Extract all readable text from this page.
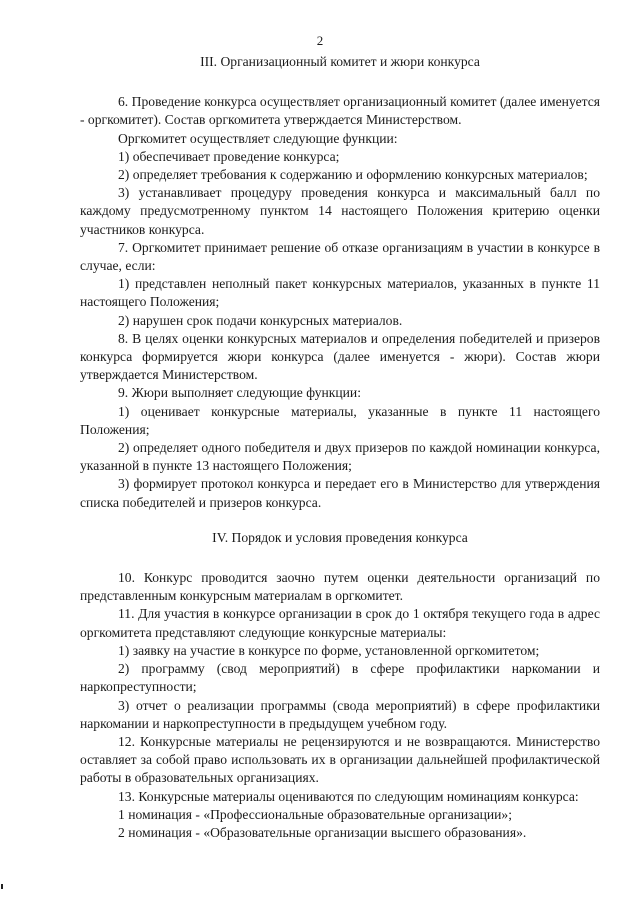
2

III. Организационный комитет и жюри конкурса

6. Проведение конкурса осуществляет организационный комитет (далее именуется - оргкомитет). Состав оргкомитета утверждается Министерством.

Оргкомитет осуществляет следующие функции:

1) обеспечивает проведение конкурса;

2) определяет требования к содержанию и оформлению конкурсных материалов;

3) устанавливает процедуру проведения конкурса и максимальный балл по каждому предусмотренному пунктом 14 настоящего Положения критерию оценки участников конкурса.

7. Оргкомитет принимает решение об отказе организациям в участии в конкурсе в случае, если:

1) представлен неполный пакет конкурсных материалов, указанных в пункте 11 настоящего Положения;

2) нарушен срок подачи конкурсных материалов.

8. В целях оценки конкурсных материалов и определения победителей и призеров конкурса формируется жюри конкурса (далее именуется - жюри). Состав жюри утверждается Министерством.

9. Жюри выполняет следующие функции:

1) оценивает конкурсные материалы, указанные в пункте 11 настоящего Положения;

2) определяет одного победителя и двух призеров по каждой номинации конкурса, указанной в пункте 13 настоящего Положения;

3) формирует протокол конкурса и передает его в Министерство для утверждения списка победителей и призеров конкурса.

IV. Порядок и условия проведения конкурса

10. Конкурс проводится заочно путем оценки деятельности организаций по представленным конкурсным материалам в оргкомитет.

11. Для участия в конкурсе организации в срок до 1 октября текущего года в адрес оргкомитета представляют следующие конкурсные материалы:

1) заявку на участие в конкурсе по форме, установленной оргкомитетом;

2) программу (свод мероприятий) в сфере профилактики наркомании и наркопреступности;

3) отчет о реализации программы (свода мероприятий) в сфере профилактики наркомании и наркопреступности в предыдущем учебном году.

12. Конкурсные материалы не рецензируются и не возвращаются. Министерство оставляет за собой право использовать их в организации дальнейшей профилактической работы в образовательных организациях.

13. Конкурсные материалы оцениваются по следующим номинациям конкурса:

1 номинация - «Профессиональные образовательные организации»;

2 номинация - «Образовательные организации высшего образования».
